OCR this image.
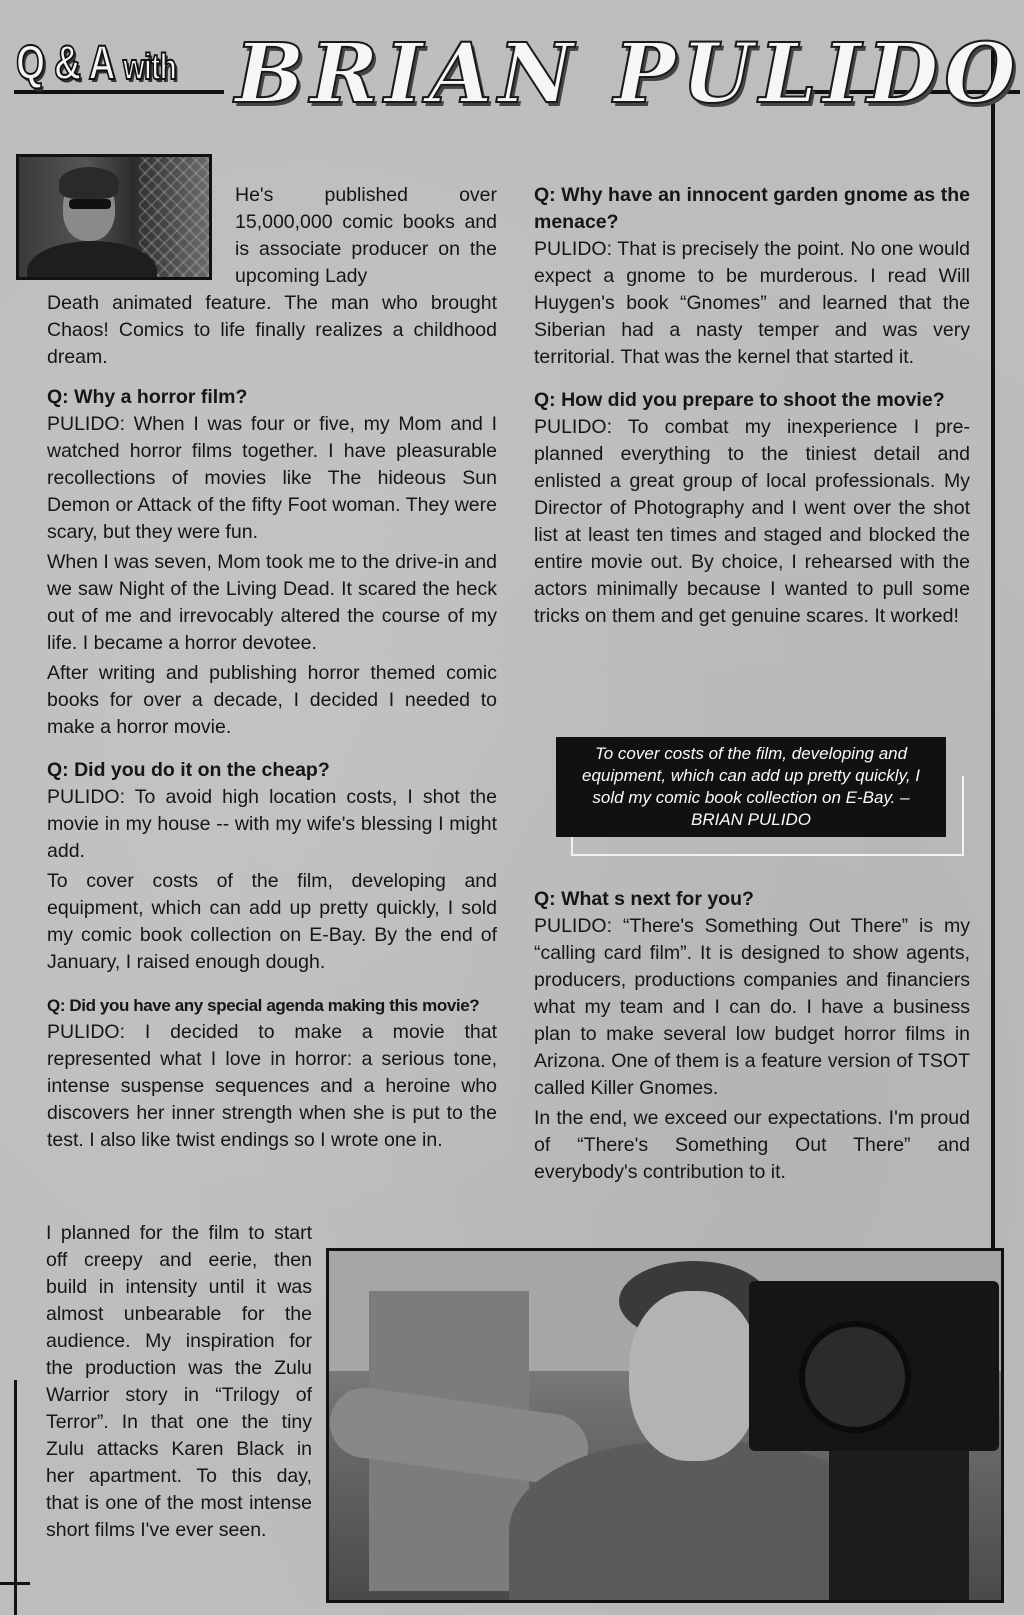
Q & A with BRIAN PULIDO

He's published over 15,000,000 comic books and is associate producer on the upcoming Lady

Death animated feature. The man who brought Chaos! Comics to life finally realizes a childhood dream.

Q: Why a horror film?

PULIDO: When I was four or five, my Mom and I watched horror films together. I have pleasurable recollections of movies like The hideous Sun Demon or Attack of the fifty Foot woman. They were scary, but they were fun.

When I was seven, Mom took me to the drive-in and we saw Night of the Living Dead. It scared the heck out of me and irrevocably altered the course of my life. I became a horror devotee.

After writing and publishing horror themed comic books for over a decade, I decided I needed to make a horror movie.

Q: Did you do it on the cheap?

PULIDO: To avoid high location costs, I shot the movie in my house -- with my wife's blessing I might add.

To cover costs of the film, developing and equipment, which can add up pretty quickly, I sold my comic book collection on E-Bay. By the end of January, I raised enough dough.

Q: Did you have any special agenda making this movie?

PULIDO: I decided to make a movie that represented what I love in horror: a serious tone, intense suspense sequences and a heroine who discovers her inner strength when she is put to the test. I also like twist endings so I wrote one in.

I planned for the film to start off creepy and eerie, then build in intensity until it was almost unbearable for the audience. My inspiration for the production was the Zulu Warrior story in “Trilogy of Terror”. In that one the tiny Zulu attacks Karen Black in her apartment. To this day, that is one of the most intense short films I've ever seen.

Q: Why have an innocent garden gnome as the menace?

PULIDO: That is precisely the point. No one would expect a gnome to be murderous. I read Will Huygen's book “Gnomes” and learned that the Siberian had a nasty temper and was very territorial. That was the kernel that started it.

Q: How did you prepare to shoot the movie?

PULIDO: To combat my inexperience I pre-planned everything to the tiniest detail and enlisted a great group of local professionals. My Director of Photography and I went over the shot list at least ten times and staged and blocked the entire movie out. By choice, I rehearsed with the actors minimally because I wanted to pull some tricks on them and get genuine scares. It worked!

To cover costs of the film, developing and equipment, which can add up pretty quickly, I sold my comic book collection on E-Bay. – BRIAN PULIDO

Q: What s next for you?

PULIDO: “There's Something Out There” is my “calling card film”. It is designed to show agents, producers, productions companies and financiers what my team and I can do. I have a business plan to make several low budget horror films in Arizona. One of them is a feature version of TSOT called Killer Gnomes.

In the end, we exceed our expectations. I'm proud of “There's Something Out There” and everybody's contribution to it.
